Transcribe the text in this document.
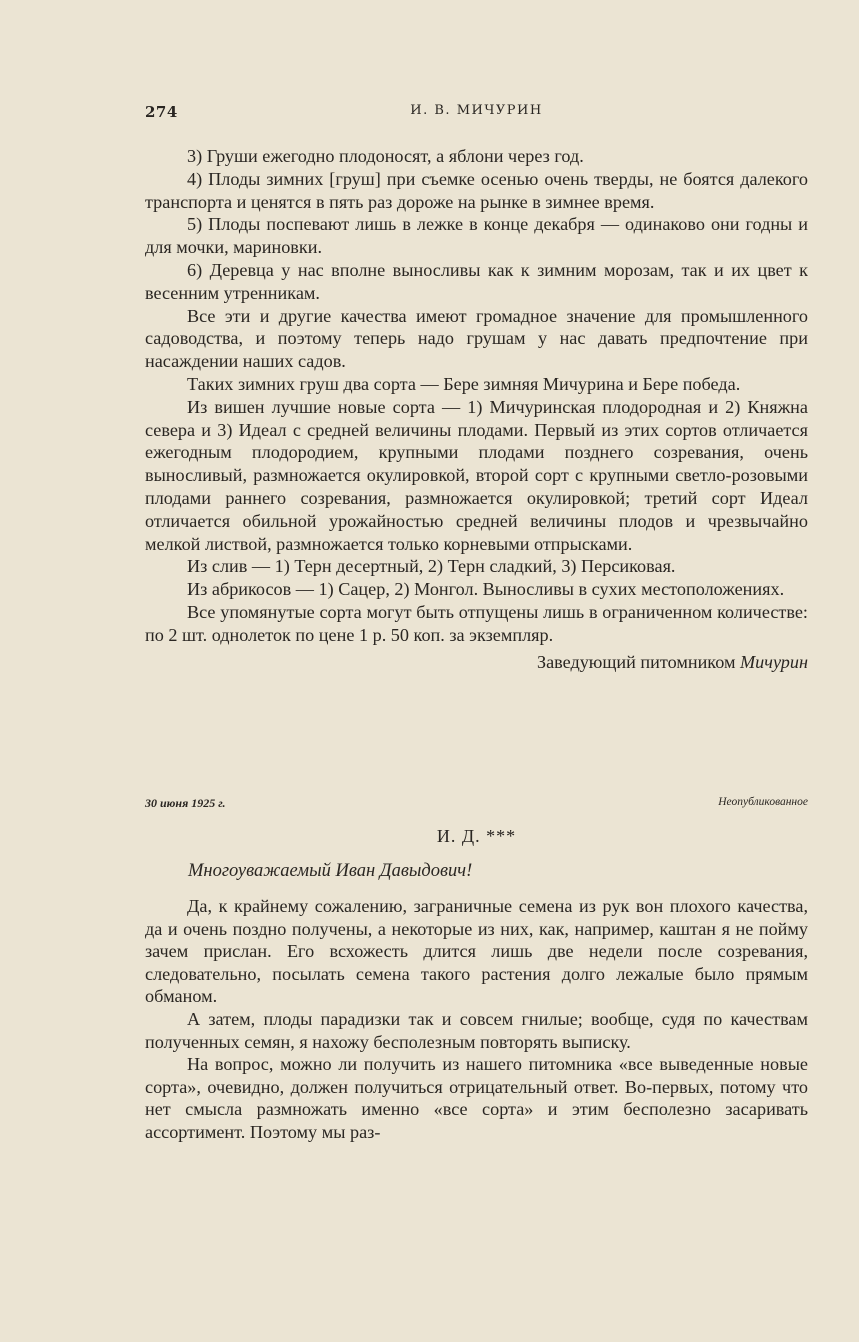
274	И. В. МИЧУРИН

3) Груши ежегодно плодоносят, а яблони через год.

4) Плоды зимних [груш] при съемке осенью очень тверды, не боятся далекого транспорта и ценятся в пять раз дороже на рынке в зимнее время.

5) Плоды поспевают лишь в лежке в конце декабря — одинаково они годны и для мочки, мариновки.

6) Деревца у нас вполне выносливы как к зимним морозам, так и их цвет к весенним утренникам.

Все эти и другие качества имеют громадное значение для промышленного садоводства, и поэтому теперь надо грушам у нас давать предпочтение при насаждении наших садов.

Таких зимних груш два сорта — Бере зимняя Мичурина и Бере победа.

Из вишен лучшие новые сорта — 1) Мичуринская плодородная и 2) Княжна севера и 3) Идеал с средней величины плодами. Первый из этих сортов отличается ежегодным плодородием, крупными плодами позднего созревания, очень выносливый, размножается окулировкой, второй сорт с крупными светло-розовыми плодами раннего созревания, размножается окулировкой; третий сорт Идеал отличается обильной урожайностью средней величины плодов и чрезвычайно мелкой листвой, размножается только корневыми отпрысками.

Из слив — 1) Терн десертный, 2) Терн сладкий, 3) Персиковая.

Из абрикосов — 1) Сацер, 2) Монгол. Выносливы в сухих местоположениях.

Все упомянутые сорта могут быть отпущены лишь в ограниченном количестве: по 2 шт. однолеток по цене 1 р. 50 коп. за экземпляр.

Заведующий питомником Мичурин

30 июня 1925 г.	Неопубликованное
И. Д. ***
Многоуважаемый Иван Давыдович!

Да, к крайнему сожалению, заграничные семена из рук вон плохого качества, да и очень поздно получены, а некоторые из них, как, например, каштан я не пойму зачем прислан. Его всхожесть длится лишь две недели после созревания, следовательно, посылать семена такого растения долго лежалые было прямым обманом.

А затем, плоды парадизки так и совсем гнилые; вообще, судя по качествам полученных семян, я нахожу бесполезным повторять выписку.

На вопрос, можно ли получить из нашего питомника «все выведенные новые сорта», очевидно, должен получиться отрицательный ответ. Во-первых, потому что нет смысла размножать именно «все сорта» и этим бесполезно засаривать ассортимент. Поэтому мы раз-
